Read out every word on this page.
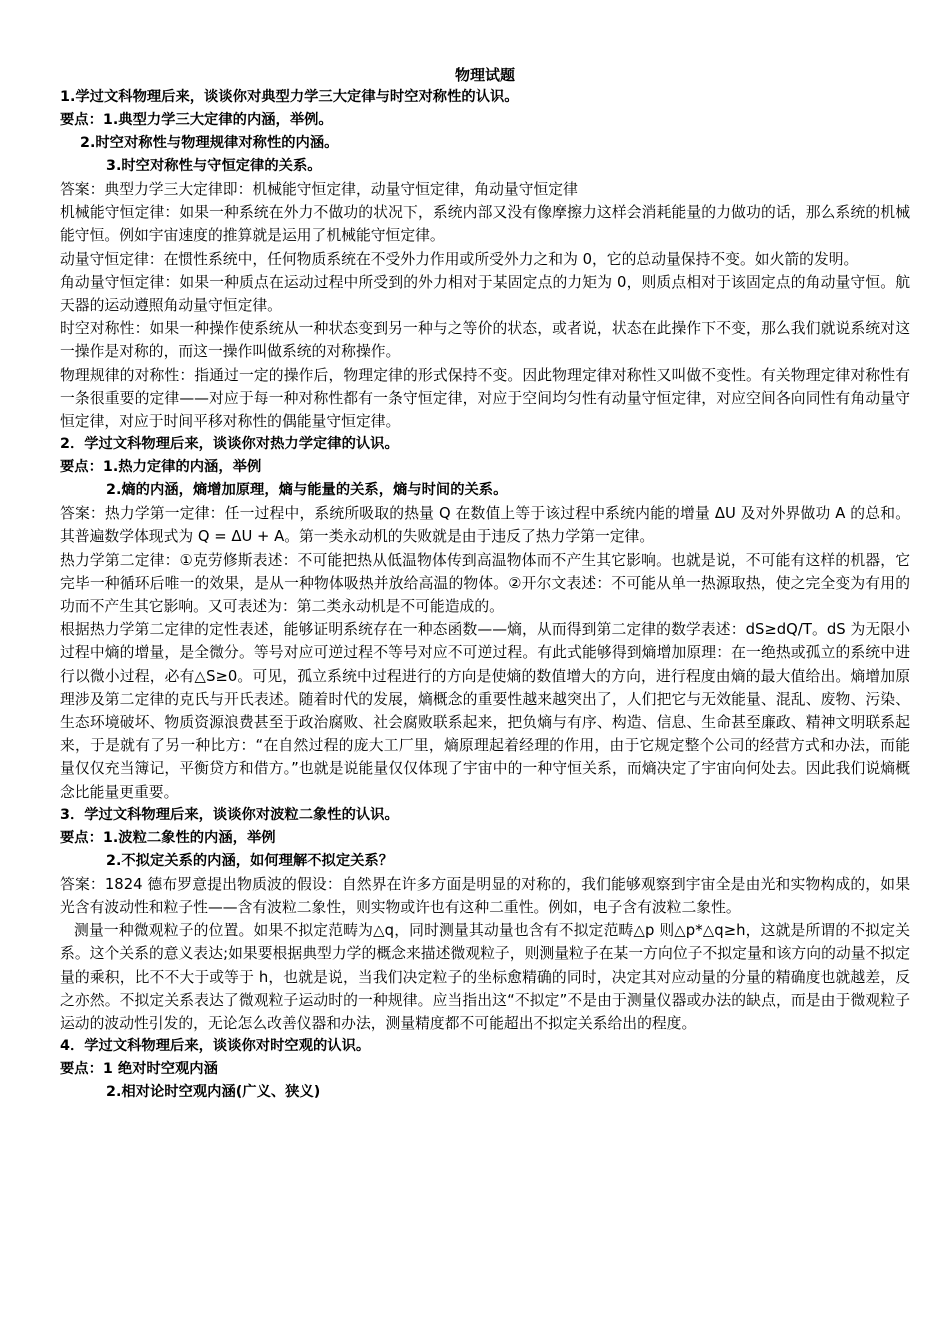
物理试题
1.学过文科物理后来，谈谈你对典型力学三大定律与时空对称性的认识。
要点：1.典型力学三大定律的内涵，举例。
2.时空对称性与物理规律对称性的内涵。
3.时空对称性与守恒定律的关系。

答案：典型力学三大定律即：机械能守恒定律，动量守恒定律，角动量守恒定律

机械能守恒定律：如果一种系统在外力不做功的状况下，系统内部又没有像摩擦力这样会消耗能量的力做功的话，那么系统的机械能守恒。例如宇宙速度的推算就是运用了机械能守恒定律。

动量守恒定律：在惯性系统中，任何物质系统在不受外力作用或所受外力之和为 0，它的总动量保持不变。如火箭的发明。

角动量守恒定律：如果一种质点在运动过程中所受到的外力相对于某固定点的力矩为 0，则质点相对于该固定点的角动量守恒。航天器的运动遵照角动量守恒定律。

时空对称性：如果一种操作使系统从一种状态变到另一种与之等价的状态，或者说，状态在此操作下不变，那么我们就说系统对这一操作是对称的，而这一操作叫做系统的对称操作。

物理规律的对称性：指通过一定的操作后，物理定律的形式保持不变。因此物理定律对称性又叫做不变性。有关物理定律对称性有一条很重要的定律——对应于每一种对称性都有一条守恒定律，对应于空间均匀性有动量守恒定律，对应空间各向同性有角动量守恒定律，对应于时间平移对称性的偶能量守恒定律。

2．学过文科物理后来，谈谈你对热力学定律的认识。
要点：1.热力定律的内涵，举例
2.熵的内涵，熵增加原理，熵与能量的关系，熵与时间的关系。

答案：热力学第一定律：任一过程中，系统所吸取的热量 Q 在数值上等于该过程中系统内能的增量 ΔU 及对外界做功 A 的总和。其普遍数学体现式为 Q = ΔU + A。第一类永动机的失败就是由于违反了热力学第一定律。

热力学第二定律：①克劳修斯表述：不可能把热从低温物体传到高温物体而不产生其它影响。也就是说，不可能有这样的机器，它完毕一种循环后唯一的效果，是从一种物体吸热并放给高温的物体。②开尔文表述：不可能从单一热源取热，使之完全变为有用的功而不产生其它影响。又可表述为：第二类永动机是不可能造成的。

根据热力学第二定律的定性表述，能够证明系统存在一种态函数——熵，从而得到第二定律的数学表述：dS≥dQ/T。dS 为无限小过程中熵的增量，是全微分。等号对应可逆过程不等号对应不可逆过程。有此式能够得到熵增加原理：在一绝热或孤立的系统中进行以微小过程，必有△S≥0。可见，孤立系统中过程进行的方向是使熵的数值增大的方向，进行程度由熵的最大值给出。熵增加原理涉及第二定律的克氏与开氏表述。随着时代的发展，熵概念的重要性越来越突出了，人们把它与无效能量、混乱、废物、污染、生态环境破坏、物质资源浪费甚至于政治腐败、社会腐败联系起来，把负熵与有序、构造、信息、生命甚至廉政、精神文明联系起来，于是就有了另一种比方：“在自然过程的庞大工厂里，熵原理起着经理的作用，由于它规定整个公司的经营方式和办法，而能量仅仅充当簿记，平衡贷方和借方。”也就是说能量仅仅体现了宇宙中的一种守恒关系，而熵决定了宇宙向何处去。因此我们说熵概念比能量更重要。

3．学过文科物理后来，谈谈你对波粒二象性的认识。
要点：1.波粒二象性的内涵，举例
2.不拟定关系的内涵，如何理解不拟定关系？

答案：1824 德布罗意提出物质波的假设：自然界在许多方面是明显的对称的，我们能够观察到宇宙全是由光和实物构成的，如果光含有波动性和粒子性——含有波粒二象性，则实物或许也有这种二重性。例如，电子含有波粒二象性。

测量一种微观粒子的位置。如果不拟定范畴为△q，同时测量其动量也含有不拟定范畴△p 则△p*△q≥h，这就是所谓的不拟定关系。这个关系的意义表达;如果要根据典型力学的概念来描述微观粒子，则测量粒子在某一方向位子不拟定量和该方向的动量不拟定量的乘积，比不不大于或等于 h，也就是说，当我们决定粒子的坐标愈精确的同时，决定其对应动量的分量的精确度也就越差，反之亦然。不拟定关系表达了微观粒子运动时的一种规律。应当指出这“不拟定”不是由于测量仪器或办法的缺点，而是由于微观粒子运动的波动性引发的，无论怎么改善仪器和办法，测量精度都不可能超出不拟定关系给出的程度。

4．学过文科物理后来，谈谈你对时空观的认识。
要点：1 绝对时空观内涵
2.相对论时空观内涵(广义、狭义)
